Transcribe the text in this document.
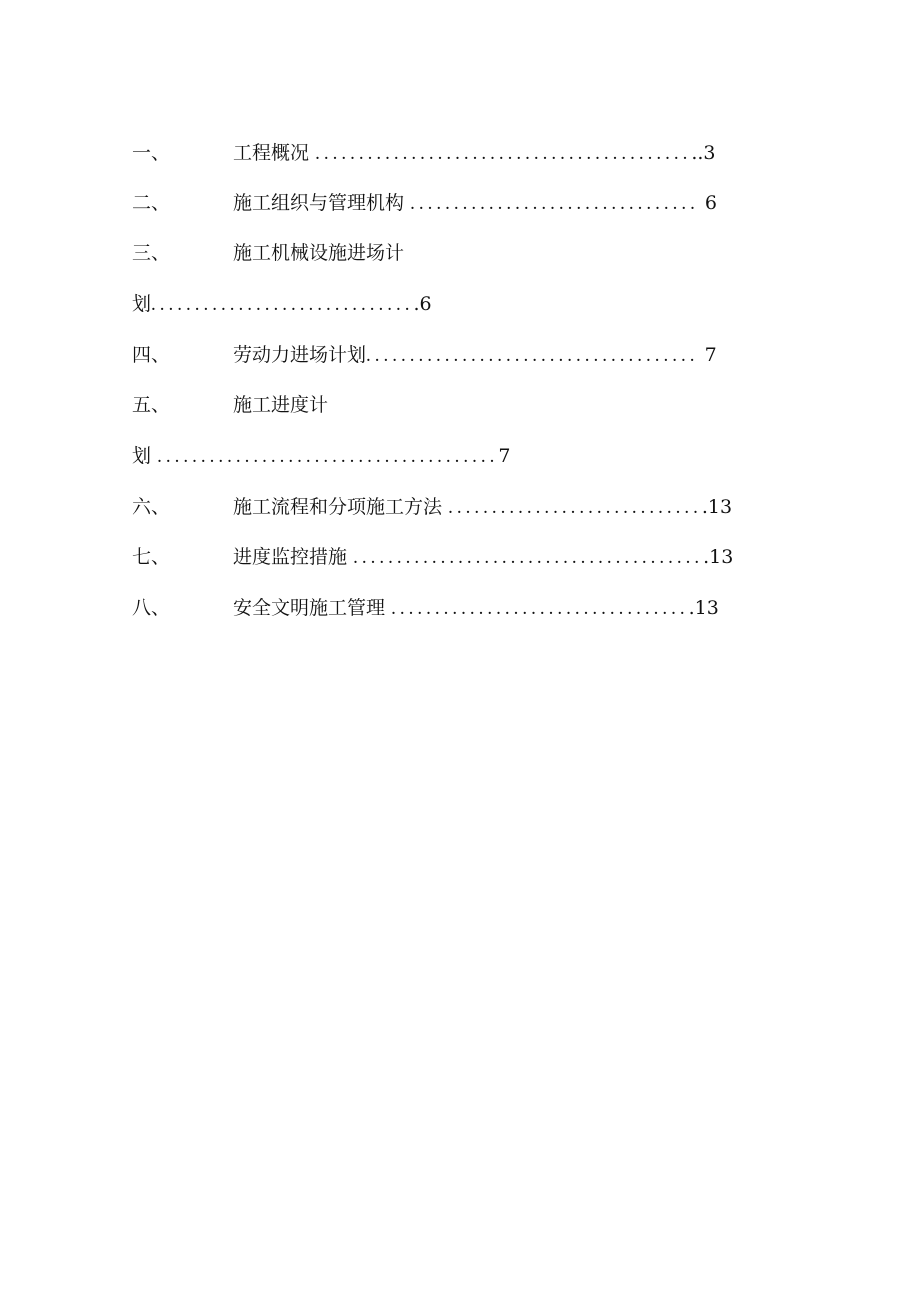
一、	工程概况 .............................................3
二、	施工组织与管理机构 ................................. 6
三、	施工机械设施进场计
划...............................6
四、	劳动力进场计划...................................... 7
五、	施工进度计
划 .......................................7
六、	施工流程和分项施工方法 ..............................13
七、	进度监控措施 .........................................13
八、	安全文明施工管理 ...................................13
